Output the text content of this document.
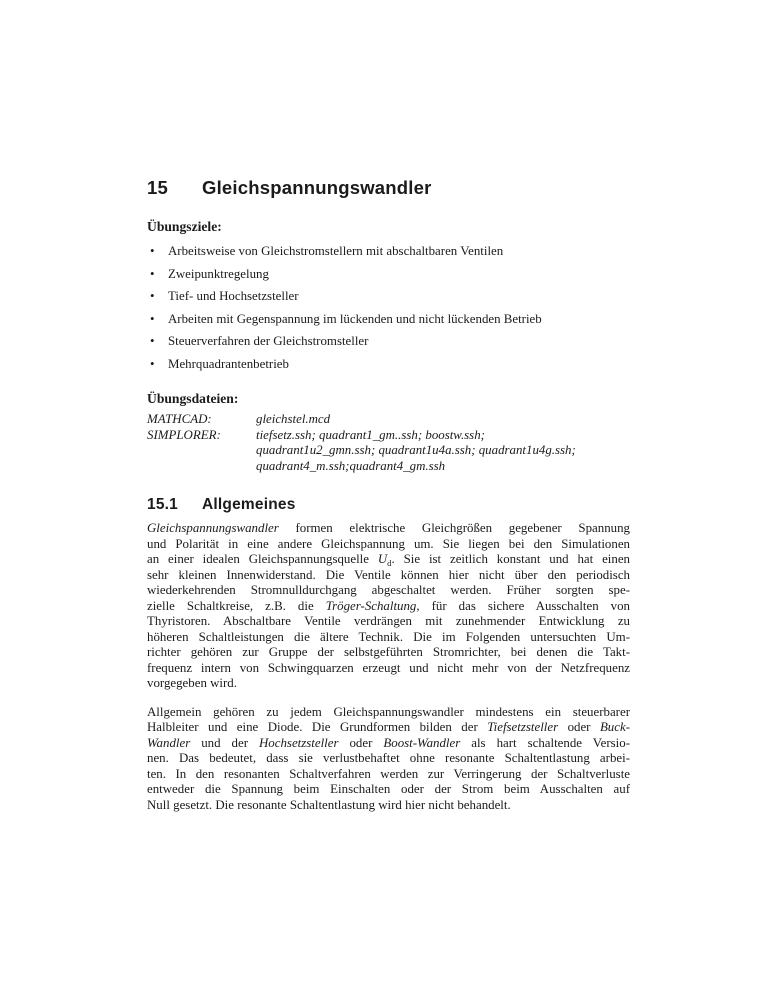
15	Gleichspannungswandler
Übungsziele:
• Arbeitsweise von Gleichstromstellern mit abschaltbaren Ventilen
• Zweipunktregelung
• Tief- und Hochsetzsteller
• Arbeiten mit Gegenspannung im lückenden und nicht lückenden Betrieb
• Steuerverfahren der Gleichstromsteller
• Mehrquadrantenbetrieb
Übungsdateien:
MATHCAD:	gleichstel.mcd
SIMPLORER:	tiefsetz.ssh; quadrant1_gm..ssh; boostw.ssh;
quadrant1u2_gmn.ssh; quadrant1u4a.ssh; quadrant1u4g.ssh;
quadrant4_m.ssh;quadrant4_gm.ssh
15.1	Allgemeines
Gleichspannungswandler formen elektrische Gleichgrößen gegebener Spannung
und Polarität in eine andere Gleichspannung um. Sie liegen bei den Simulationen
an einer idealen Gleichspannungsquelle $U_d$. Sie ist zeitlich konstant und hat einen
sehr kleinen Innenwiderstand. Die Ventile können hier nicht über den periodisch
wiederkehrenden Stromnulldurchgang abgeschaltet werden. Früher sorgten spe-
zielle Schaltkreise, z.B. die Tröger-Schaltung, für das sichere Ausschalten von
Thyristoren. Abschaltbare Ventile verdrängen mit zunehmender Entwicklung zu
höheren Schaltleistungen die ältere Technik. Die im Folgenden untersuchten Um-
richter gehören zur Gruppe der selbstgeführten Stromrichter, bei denen die Takt-
frequenz intern von Schwingquarzen erzeugt und nicht mehr von der Netzfrequenz
vorgegeben wird.
Allgemein gehören zu jedem Gleichspannungswandler mindestens ein steuerbarer
Halbleiter und eine Diode. Die Grundformen bilden der Tiefsetzsteller oder Buck-
Wandler und der Hochsetzsteller oder Boost-Wandler als hart schaltende Versio-
nen. Das bedeutet, dass sie verlustbehaftet ohne resonante Schaltentlastung arbei-
ten. In den resonanten Schaltverfahren werden zur Verringerung der Schaltverluste
entweder die Spannung beim Einschalten oder der Strom beim Ausschalten auf
Null gesetzt. Die resonante Schaltentlastung wird hier nicht behandelt.
